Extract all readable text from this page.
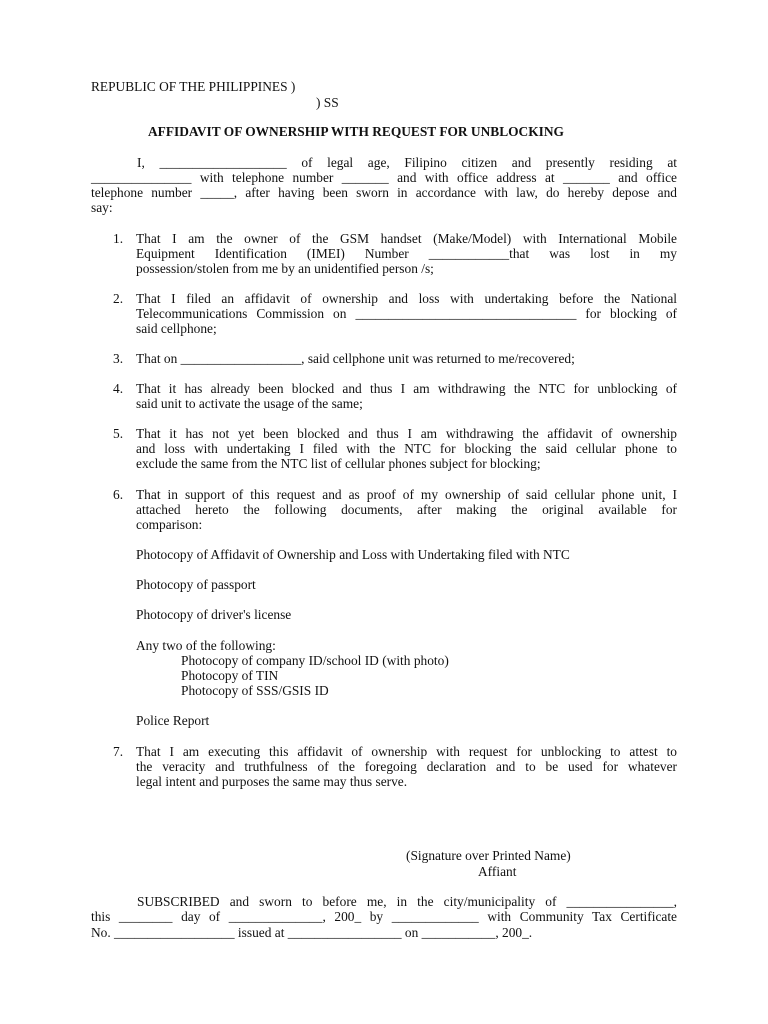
REPUBLIC OF THE PHILIPPINES )
) SS
AFFIDAVIT OF OWNERSHIP WITH REQUEST FOR UNBLOCKING
I, ___________________ of legal age, Filipino citizen and presently residing at
_______________ with telephone number _______ and with office address at _______ and office
telephone number _____, after having been sworn in accordance with law, do hereby depose and
say:
1. That I am the owner of the GSM handset (Make/Model) with International Mobile
Equipment Identification (IMEI) Number ____________that was lost in my
possession/stolen from me by an unidentified person /s;
2. That I filed an affidavit of ownership and loss with undertaking before the National
Telecommunications Commission on _________________________________ for blocking of
said cellphone;
3. That on __________________, said cellphone unit was returned to me/recovered;
4. That it has already been blocked and thus I am withdrawing the NTC for unblocking of
said unit to activate the usage of the same;
5. That it has not yet been blocked and thus I am withdrawing the affidavit of ownership
and loss with undertaking I filed with the NTC for blocking the said cellular phone to
exclude the same from the NTC list of cellular phones subject for blocking;
6. That in support of this request and as proof of my ownership of said cellular phone unit, I
attached hereto the following documents, after making the original available for
comparison:
Photocopy of Affidavit of Ownership and Loss with Undertaking filed with NTC
Photocopy of passport
Photocopy of driver's license
Any two of the following:
Photocopy of company ID/school ID (with photo)
Photocopy of TIN
Photocopy of SSS/GSIS ID
Police Report
7. That I am executing this affidavit of ownership with request for unblocking to attest to
the veracity and truthfulness of the foregoing declaration and to be used for whatever
legal intent and purposes the same may thus serve.
(Signature over Printed Name)
Affiant
SUBSCRIBED and sworn to before me, in the city/municipality of ________________,
this ________ day of ______________, 200_ by _____________ with Community Tax Certificate
No. __________________ issued at _________________ on ___________, 200_.
